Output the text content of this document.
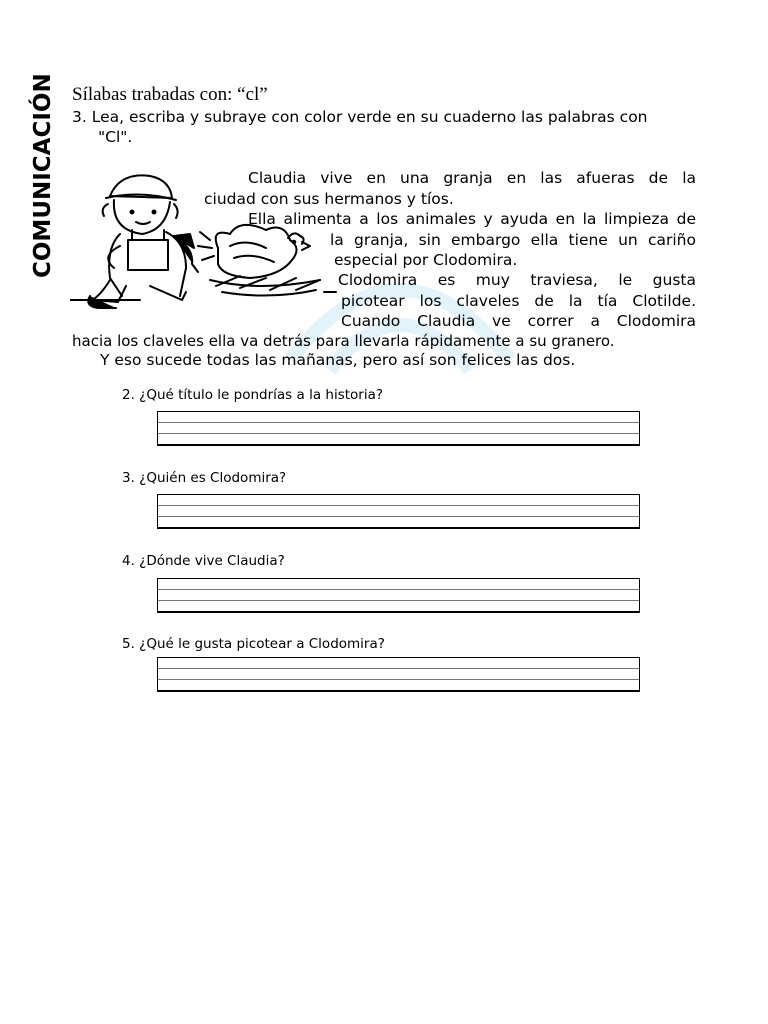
Sílabas trabadas con: “cl”
3. Lea, escriba y subraye con color verde en su cuaderno las palabras con
"Cl".
COMUNICACIÓN	Claudia vive en una granja en las afueras de la
ciudad con sus hermanos y tíos.
Ella alimenta a los animales y ayuda en la limpieza de
la granja, sin embargo ella tiene un cariño
especial por Clodomira.
Clodomira es muy traviesa, le gusta
picotear los claveles de la tía Clotilde.
Cuando Claudia ve correr a Clodomira
hacia los claveles ella va detrás para llevarla rápidamente a su granero.
Y eso sucede todas las mañanas, pero así son felices las dos.
2. ¿Qué título le pondrías a la historia?
3. ¿Quién es Clodomira?
4. ¿Dónde vive Claudia?
5. ¿Qué le gusta picotear a Clodomira?
